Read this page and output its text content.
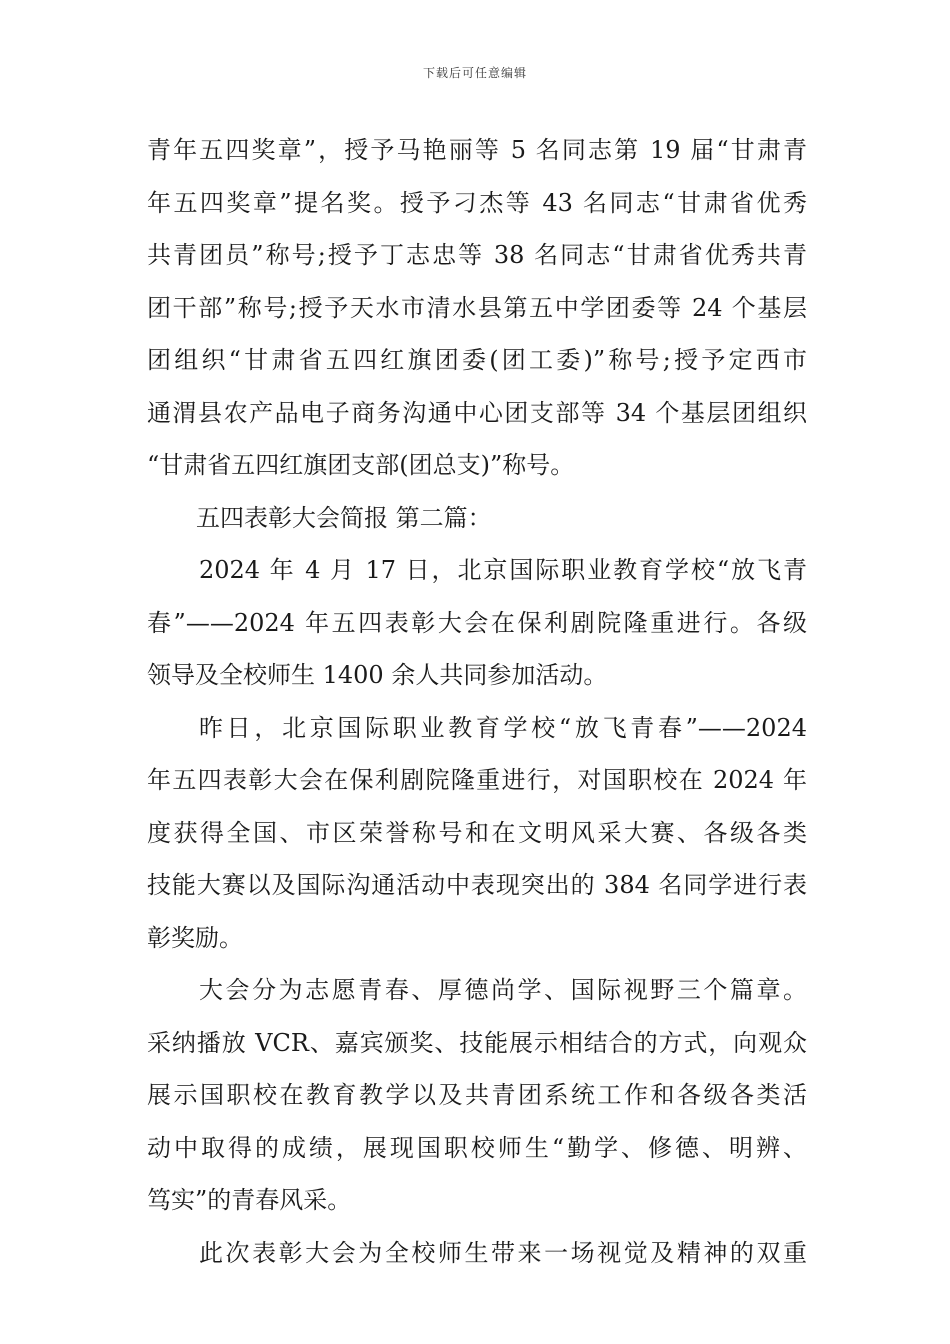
下载后可任意编辑
青年五四奖章”，授予马艳丽等 5 名同志第 19 届“甘肃青
年五四奖章”提名奖。授予刁杰等 43 名同志“甘肃省优秀
共青团员”称号;授予丁志忠等 38 名同志“甘肃省优秀共青
团干部”称号;授予天水市清水县第五中学团委等 24 个基层
团组织“甘肃省五四红旗团委(团工委)”称号;授予定西市
通渭县农产品电子商务沟通中心团支部等 34 个基层团组织
“甘肃省五四红旗团支部(团总支)”称号。
五四表彰大会简报 第二篇：
2024 年 4 月 17 日，北京国际职业教育学校“放飞青
春”——2024 年五四表彰大会在保利剧院隆重进行。各级
领导及全校师生 1400 余人共同参加活动。
昨日，北京国际职业教育学校“放飞青春”——2024
年五四表彰大会在保利剧院隆重进行，对国职校在 2024 年
度获得全国、市区荣誉称号和在文明风采大赛、各级各类
技能大赛以及国际沟通活动中表现突出的 384 名同学进行表
彰奖励。
大会分为志愿青春、厚德尚学、国际视野三个篇章。
采纳播放 VCR、嘉宾颁奖、技能展示相结合的方式，向观众
展示国职校在教育教学以及共青团系统工作和各级各类活
动中取得的成绩，展现国职校师生“勤学、修德、明辨、
笃实”的青春风采。
此次表彰大会为全校师生带来一场视觉及精神的双重
